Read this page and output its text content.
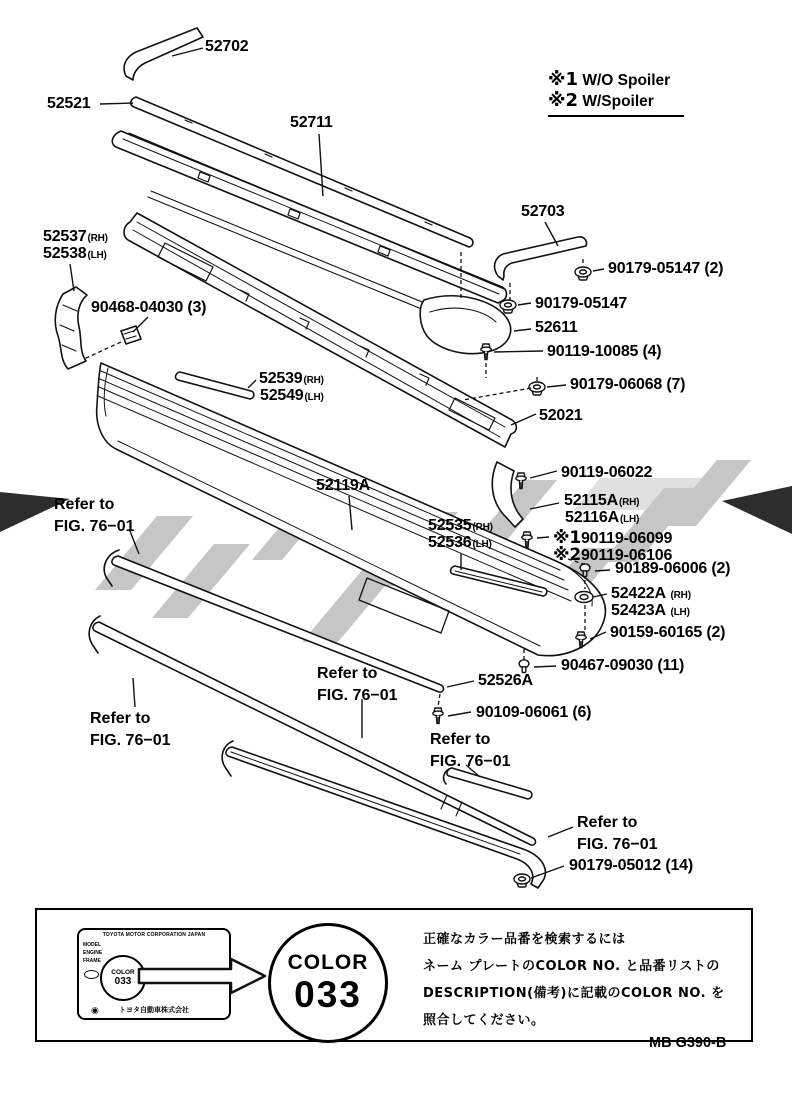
※1 W/O Spoiler
※2 W/Spoiler
52702
52521
52711
52703
90179-05147 (2)
90179-05147
52537(RH)
52538(LH)
90468-04030 (3)
52611
90119-10085 (4)
90179-06068 (7)
52021
52539(RH)
52549(LH)
52119A
90119-06022
52115A(RH)
52116A(LH)
52535(RH)
52536(LH)	※190119-06099
※290119-06106
90189-06006 (2)
52422A (RH)
52423A (LH)
90159-60165 (2)
90467-09030 (11)
52526A
90109-06061 (6)
90179-05012 (14)
Refer to
FIG. 76−01
Refer to
FIG. 76−01
Refer to
FIG. 76−01
Refer to
FIG. 76−01
Refer to
FIG. 76−01
TOYOTA MOTOR CORPORATION JAPAN
MODEL
ENGINE
FRAME
COLOR
033
◉	トヨタ自動車株式会社
COLOR
033
正確なカラー品番を検索するには
ネーム プレートのCOLOR NO. と品番リストの
DESCRIPTION(備考)に記載のCOLOR NO. を
照合してください。
MB G390-B
